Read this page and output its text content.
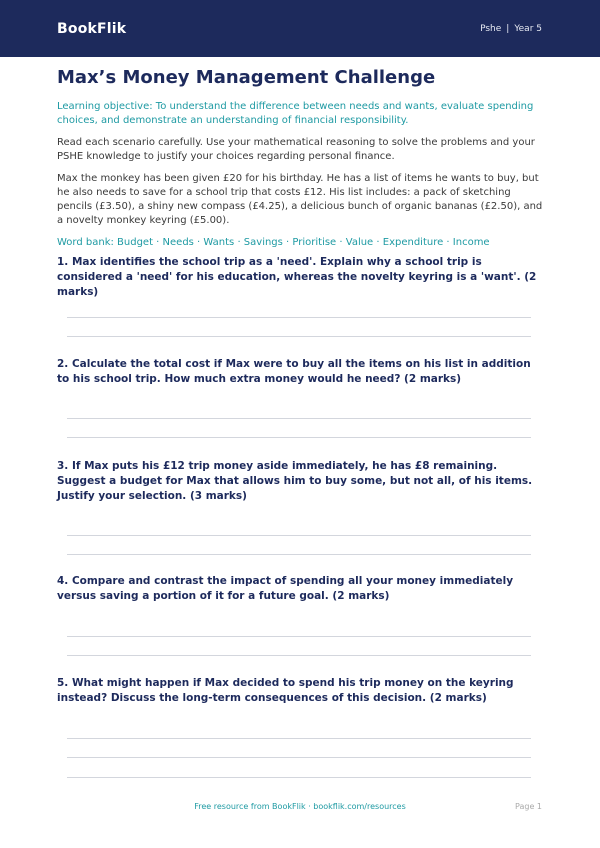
BookFlik	Pshe | Year 5
Max’s Money Management Challenge

Learning objective: To understand the difference between needs and wants, evaluate spending choices, and demonstrate an understanding of financial responsibility.

Read each scenario carefully. Use your mathematical reasoning to solve the problems and your PSHE knowledge to justify your choices regarding personal finance.

Max the monkey has been given £20 for his birthday. He has a list of items he wants to buy, but he also needs to save for a school trip that costs £12. His list includes: a pack of sketching pencils (£3.50), a shiny new compass (£4.25), a delicious bunch of organic bananas (£2.50), and a novelty monkey keyring (£5.00).

Word bank: Budget · Needs · Wants · Savings · Prioritise · Value · Expenditure · Income

1. Max identifies the school trip as a 'need'. Explain why a school trip is considered a 'need' for his education, whereas the novelty keyring is a 'want'. (2 marks)

2. Calculate the total cost if Max were to buy all the items on his list in addition to his school trip. How much extra money would he need? (2 marks)

3. If Max puts his £12 trip money aside immediately, he has £8 remaining. Suggest a budget for Max that allows him to buy some, but not all, of his items. Justify your selection. (3 marks)

4. Compare and contrast the impact of spending all your money immediately versus saving a portion of it for a future goal. (2 marks)

5. What might happen if Max decided to spend his trip money on the keyring instead? Discuss the long-term consequences of this decision. (2 marks)

Free resource from BookFlik · bookflik.com/resources	Page 1
